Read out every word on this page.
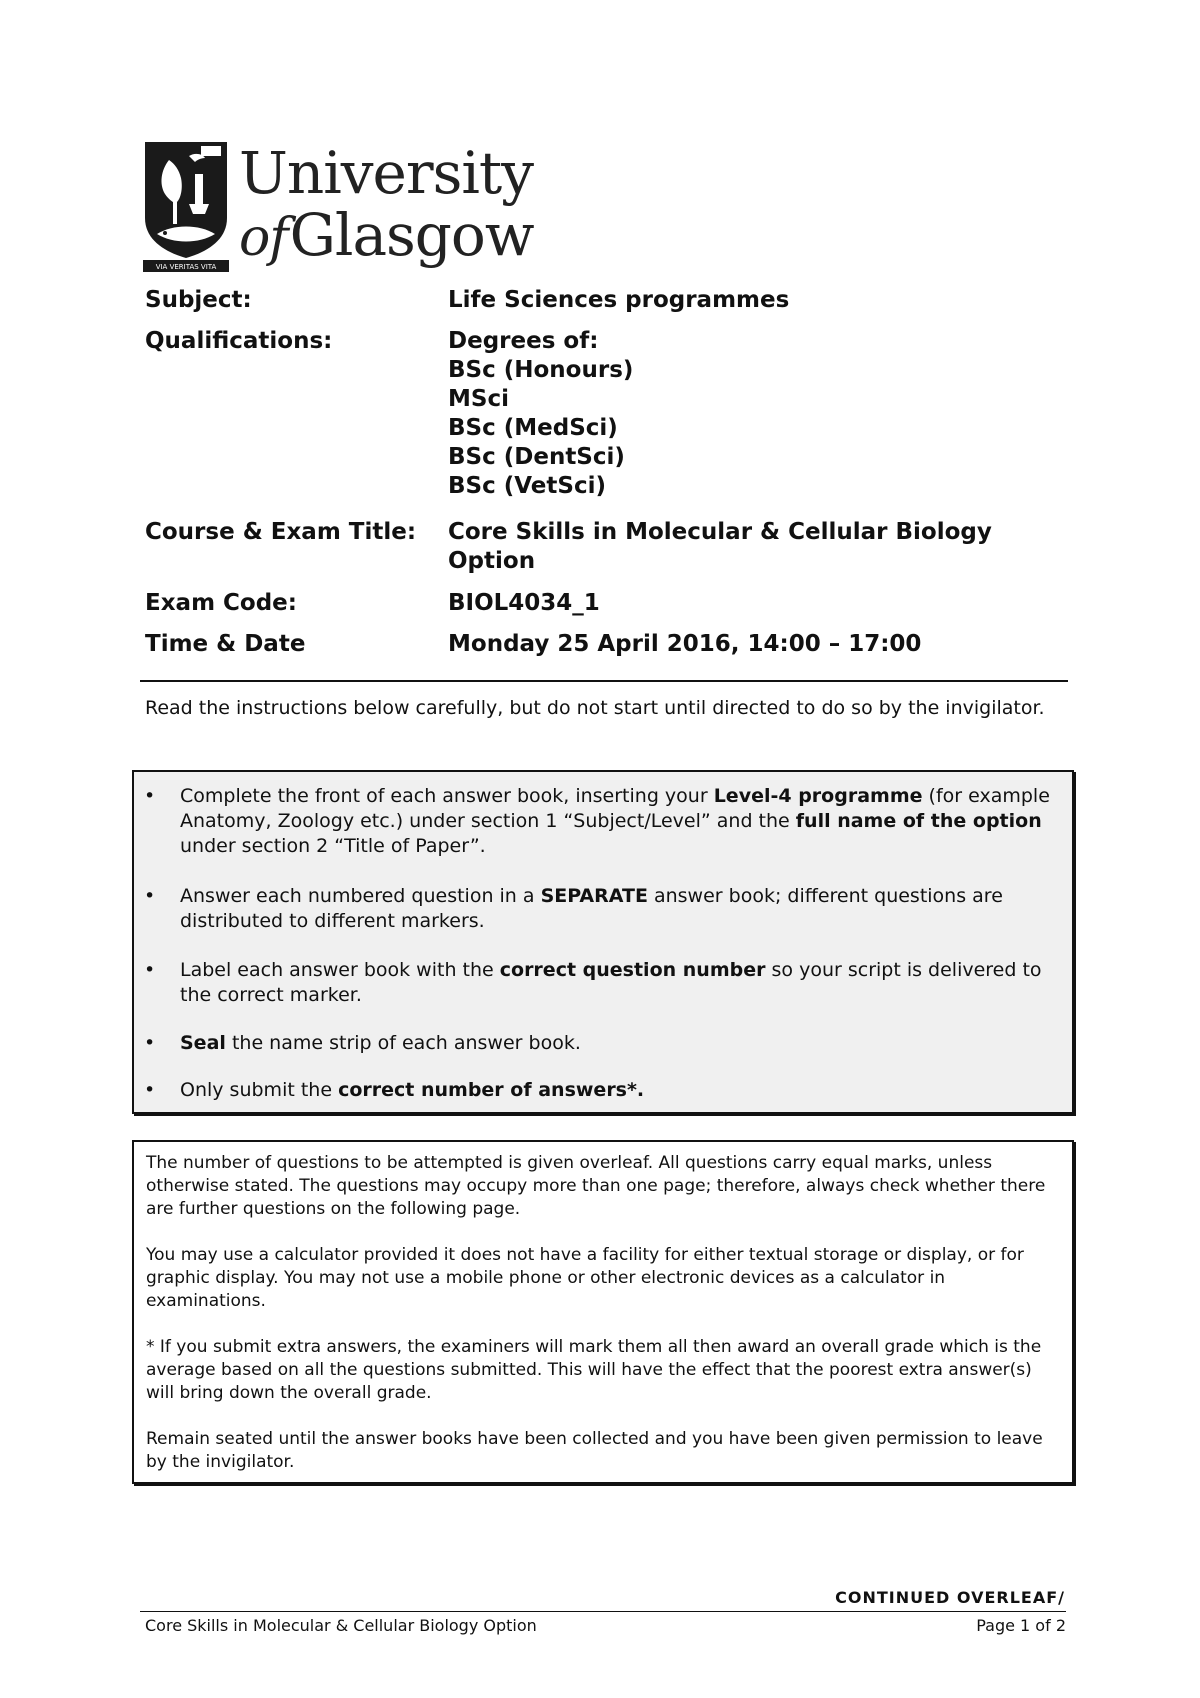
VIA VERITAS VITA
University
ofGlasgow
Subject:	Life Sciences programmes
Qualifications:	Degrees of:
BSc (Honours)
MSci
BSc (MedSci)
BSc (DentSci)
BSc (VetSci)
Course & Exam Title: Core Skills in Molecular & Cellular Biology
Option
Exam Code:	BIOL4034_1
Time & Date	Monday 25 April 2016, 14:00 – 17:00
Read the instructions below carefully, but do not start until directed to do so by the invigilator.
• Complete the front of each answer book, inserting your Level-4 programme (for example Anatomy, Zoology etc.) under section 1 “Subject/Level” and the full name of the option under section 2 “Title of Paper”.
• Answer each numbered question in a SEPARATE answer book; different questions are distributed to different markers.
• Label each answer book with the correct question number so your script is delivered to the correct marker.
• Seal the name strip of each answer book.
• Only submit the correct number of answers*.
The number of questions to be attempted is given overleaf. All questions carry equal marks, unless otherwise stated. The questions may occupy more than one page; therefore, always check whether there are further questions on the following page.
You may use a calculator provided it does not have a facility for either textual storage or display, or for graphic display. You may not use a mobile phone or other electronic devices as a calculator in examinations.
* If you submit extra answers, the examiners will mark them all then award an overall grade which is the average based on all the questions submitted. This will have the effect that the poorest extra answer(s) will bring down the overall grade.
Remain seated until the answer books have been collected and you have been given permission to leave by the invigilator.
CONTINUED OVERLEAF/
Core Skills in Molecular & Cellular Biology Option	Page 1 of 2
